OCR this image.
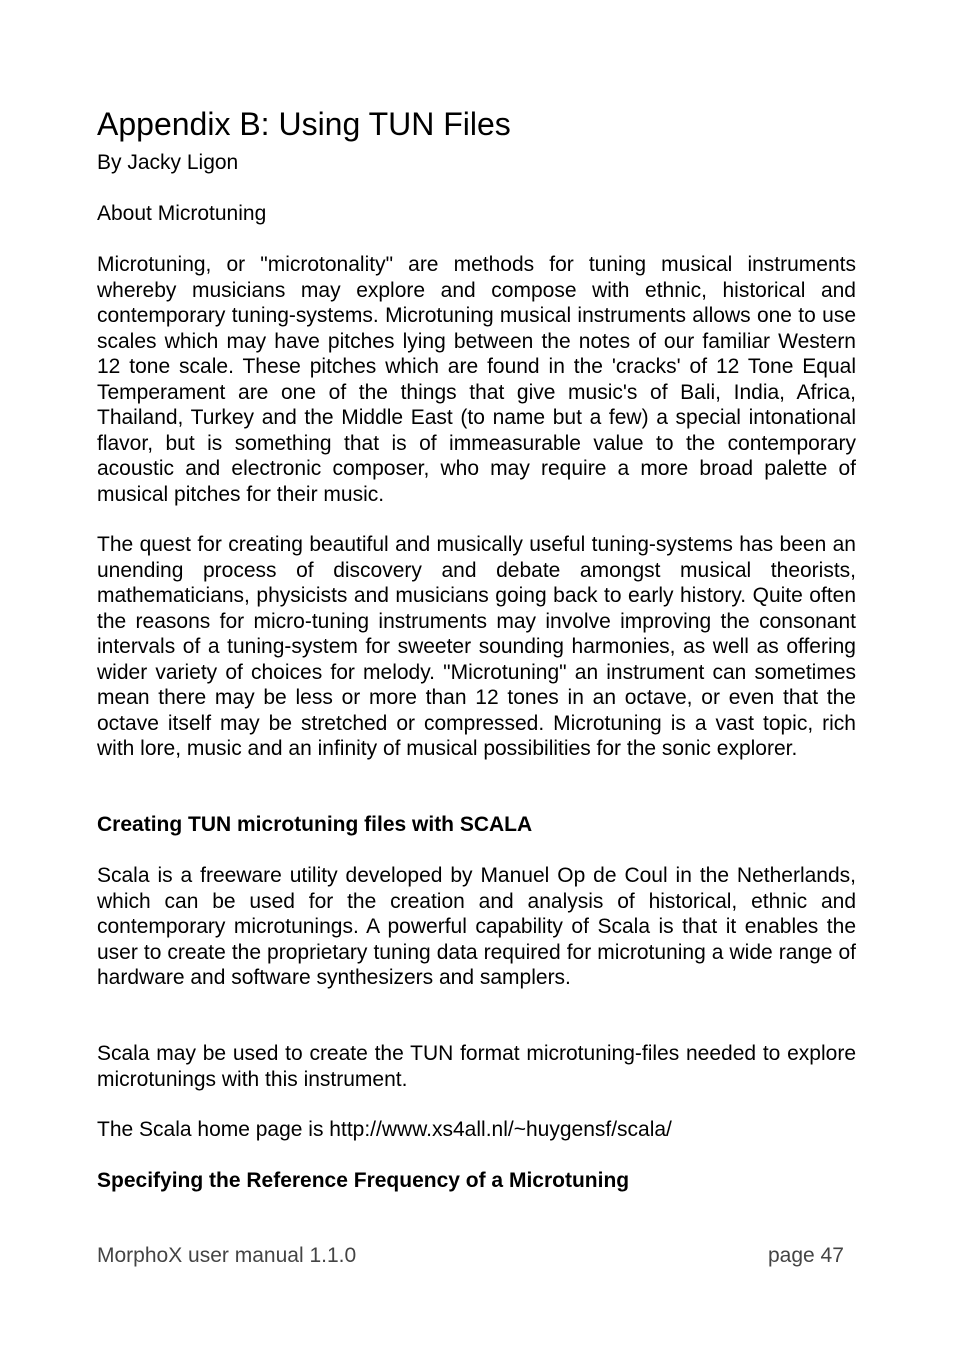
Appendix B: Using TUN Files
By Jacky Ligon

About Microtuning

Microtuning, or "microtonality" are methods for tuning musical instruments whereby musicians may explore and compose with ethnic, historical and contemporary tuning-systems. Microtuning musical instruments allows one to use scales which may have pitches lying between the notes of our familiar Western 12 tone scale. These pitches which are found in the 'cracks' of 12 Tone Equal Temperament are one of the things that give music's of Bali, India, Africa, Thailand, Turkey and the Middle East (to name but a few) a special intonational flavor, but is something that is of immeasurable value to the contemporary acoustic and electronic composer, who may require a more broad palette of musical pitches for their music.

The quest for creating beautiful and musically useful tuning-systems has been an unending process of discovery and debate amongst musical theorists, mathematicians, physicists and musicians going back to early history. Quite often the reasons for micro-tuning instruments may involve improving the consonant intervals of a tuning-system for sweeter sounding harmonies, as well as offering wider variety of choices for melody. "Microtuning" an instrument can sometimes mean there may be less or more than 12 tones in an octave, or even that the octave itself may be stretched or compressed. Microtuning is a vast topic, rich with lore, music and an infinity of musical possibilities for the sonic explorer.

Creating TUN microtuning files with SCALA

Scala is a freeware utility developed by Manuel Op de Coul in the Netherlands, which can be used for the creation and analysis of historical, ethnic and contemporary microtunings. A powerful capability of Scala is that it enables the user to create the proprietary tuning data required for microtuning a wide range of hardware and software synthesizers and samplers.

Scala may be used to create the TUN format microtuning-files needed to explore microtunings with this instrument.

The Scala home page is http://www.xs4all.nl/~huygensf/scala/

Specifying the Reference Frequency of a Microtuning

MorphoX user manual 1.1.0	page 47
